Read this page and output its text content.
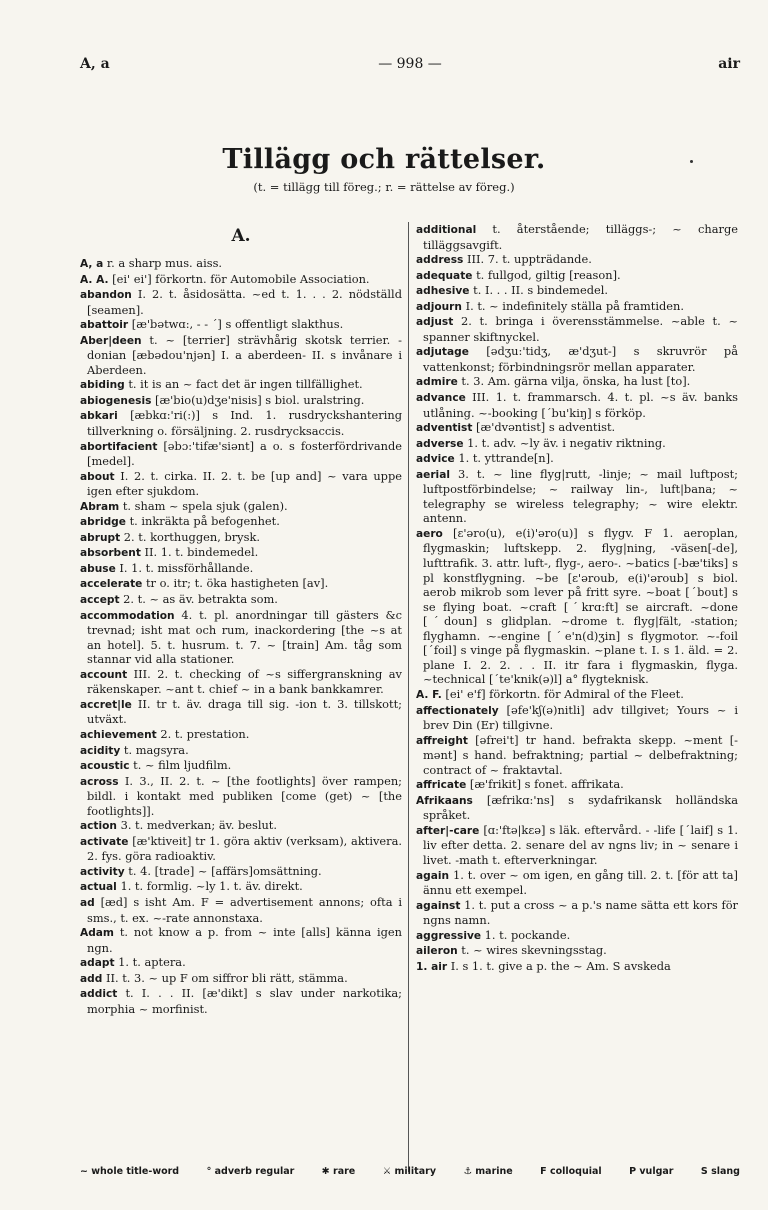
A, a	— 998 —	air
Tillägg och rättelser.
(t. = tillägg till föreg.; r. = rättelse av föreg.)
A.

A, a r. a sharp mus. aiss.

A. A. [ei' ei'] förkortn. för Automobile Association.

abandon I. 2. t. åsidosätta. ~ed t. 1. . . 2. nödställd [seamen].

abattoir [æ'bətwɑ:, - - ˊ] s offentligt slakthus.

Aber|deen t. ~ [terrier] strävhårig skotsk terrier. -donian [æbədou'njən] I. a aberdeen- II. s invånare i Aberdeen.

abiding t. it is an ~ fact det är ingen tillfällighet.

abiogenesis [æ'bio(u)dʒe'nisis] s biol. uralstring.

abkari [æbkɑ:'ri(:)] s Ind. 1. rusdryckshantering tillverkning o. försäljning. 2. rusdrycksaccis.

abortifacient [əbɔ:'tifæ'siənt] a o. s fosterfördrivande [medel].

about I. 2. t. cirka. II. 2. t. be [up and] ~ vara uppe igen efter sjukdom.

Abram t. sham ~ spela sjuk (galen).

abridge t. inkräkta på befogenhet.

abrupt 2. t. korthuggen, brysk.

absorbent II. 1. t. bindemedel.

abuse I. 1. t. missförhållande.

accelerate tr o. itr; t. öka hastigheten [av].

accept 2. t. ~ as äv. betrakta som.

accommodation 4. t. pl. anordningar till gästers &c trevnad; isht mat och rum, inackordering [the ~s at an hotel]. 5. t. husrum. t. 7. ~ [train] Am. tåg som stannar vid alla stationer.

account III. 2. t. checking of ~s siffergranskning av räkenskaper. ~ant t. chief ~ in a bank bankkamrer.

accret|le II. tr t. äv. draga till sig. -ion t. 3. tillskott; utväxt.

achievement 2. t. prestation.

acidity t. magsyra.

acoustic t. ~ film ljudfilm.

across I. 3., II. 2. t. ~ [the footlights] över rampen; bildl. i kontakt med publiken [come (get) ~ [the footlights]].

action 3. t. medverkan; äv. beslut.

activate [æ'ktiveit] tr 1. göra aktiv (verksam), aktivera. 2. fys. göra radioaktiv.

activity t. 4. [trade] ~ [affärs]omsättning.

actual 1. t. formlig. ~ly 1. t. äv. direkt.

ad [æd] s isht Am. F = advertisement annons; ofta i sms., t. ex. ~-rate annonstaxa.

Adam t. not know a p. from ~ inte [alls] känna igen ngn.

adapt 1. t. aptera.

add II. t. 3. ~ up F om siffror bli rätt, stämma.

addict t. I. . . II. [æ'dikt] s slav under narkotika; morphia ~ morfinist.

additional t. återstående; tilläggs-; ~ charge tilläggsavgift.

address III. 7. t. uppträdande.

adequate t. fullgod, giltig [reason].

adhesive t. I. . . II. s bindemedel.

adjourn I. t. ~ indefinitely ställa på framtiden.

adjust 2. t. bringa i överensstämmelse. ~able t. ~ spanner skiftnyckel.

adjutage [ədʒu:'tidʒ, æ'dʒut-] s skruvrör på vattenkonst; förbindningsrör mellan apparater.

admire t. 3. Am. gärna vilja, önska, ha lust [to].

advance III. 1. t. frammarsch. 4. t. pl. ~s äv. banks utlåning. ~-booking [ˊbu'kiŋ] s förköp.

adventist [æ'dvəntist] s adventist.

adverse 1. t. adv. ~ly äv. i negativ riktning.

advice 1. t. yttrande[n].

aerial 3. t. ~ line flyg|rutt, -linje; ~ mail luftpost; luftpostförbindelse; ~ railway lin-, luft|bana; ~ telegraphy se wireless telegraphy; ~ wire elektr. antenn.

aero [ɛ'əro(u), e(i)'əro(u)] s flygv. F 1. aeroplan, flygmaskin; luftskepp. 2. flyg|ning, -väsen[-de], lufttrafik. 3. attr. luft-, flyg-, aero-. ~batics [-bæ'tiks] s pl konstflygning. ~be [ɛ'əroub, e(i)'əroub] s biol. aerob mikrob som lever på fritt syre. ~boat [ˊbout] s se flying boat. ~craft [ˊkrɑ:ft] se aircraft. ~done [ˊdoun] s glidplan. ~drome t. flyg|fält, -station; flyghamn. ~-engine [ˊe'n(d)ʒin] s flygmotor. ~-foil [ˊfoil] s vinge på flygmaskin. ~plane t. I. s 1. äld. = 2. plane I. 2. 2. . . II. itr fara i flygmaskin, flyga. ~technical [ˊte'knik(ə)l] a° flygteknisk.

A. F. [ei' e'f] förkortn. för Admiral of the Fleet.

affectionately [əfe'kʃ(ə)nitli] adv tillgivet; Yours ~ i brev Din (Er) tillgivne.

affreight [əfrei't] tr hand. befrakta skepp. ~ment [-mənt] s hand. befraktning; partial ~ delbefraktning; contract of ~ fraktavtal.

affricate [æ'frikit] s fonet. affrikata.

Afrikaans [æfrikɑ:'ns] s sydafrikansk holländska språket.

after|-care [ɑ:'ftə|kɛə] s läk. eftervård. - -life [ˊlaif] s 1. liv efter detta. 2. senare del av ngns liv; in ~ senare i livet. -math t. efterverkningar.

again 1. t. over ~ om igen, en gång till. 2. t. [för att ta] ännu ett exempel.

against 1. t. put a cross ~ a p.'s name sätta ett kors för ngns namn.

aggressive 1. t. pockande.

aileron t. ~ wires skevningsstag.

1. air I. s 1. t. give a p. the ~ Am. S avskeda

~ whole title-word	° adverb regular	✱ rare	⚔ military	⚓ marine	F colloquial	P vulgar	S slang
